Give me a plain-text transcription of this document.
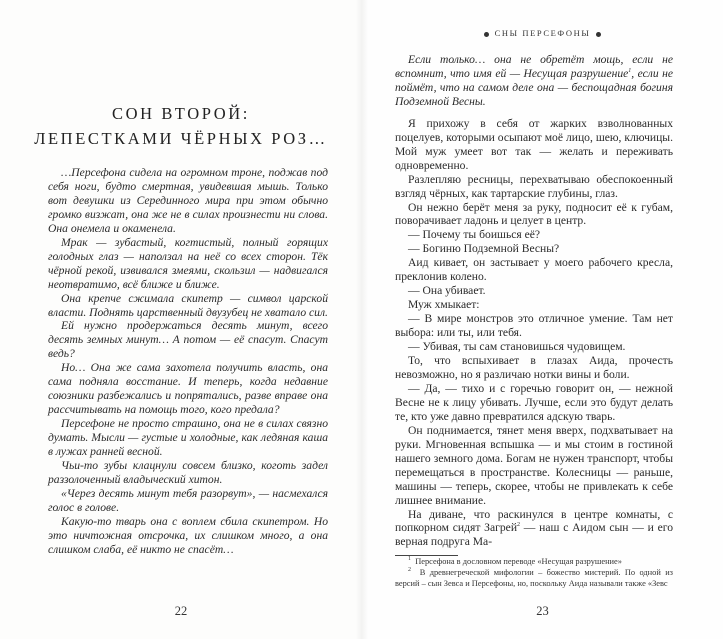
СОН ВТОРОЙ:
ЛЕПЕСТКАМИ ЧЁРНЫХ РОЗ…

…Персефона сидела на огромном троне, поджав под себя ноги, будто смертная, увидевшая мышь. Только вот девушки из Серединного мира при этом обычно громко визжат, она же не в силах произнести ни слова. Она онемела и окаменела.

Мрак — зубастый, когтистый, полный горящих голодных глаз — наползал на неё со всех сторон. Тёк чёрной рекой, извивался змеями, скользил — надвигался неотвратимо, всё ближе и ближе.

Она крепче сжимала скипетр — символ царской власти. Поднять царственный двузубец не хватало сил.

Ей нужно продержаться десять минут, всего десять земных минут… А потом — её спасут. Спасут ведь?

Но… Она же сама захотела получить власть, она сама подняла восстание. И теперь, когда недавние союзники разбежались и попрятались, разве вправе она рассчитывать на помощь того, кого предала?

Персефоне не просто страшно, она не в силах связно думать. Мысли — густые и холодные, как ледяная каша в лужах ранней весной.

Чьи-то зубы клацнули совсем близко, коготь задел раззолоченный владыческий хитон.

«Через десять минут тебя разорвут», — насмехался голос в голове.

Какую-то тварь она с воплем сбила скипетром. Но это ничтожная отсрочка, их слишком много, а она слишком слаба, её никто не спасёт…

22
СНЫ ПЕРСЕФОНЫ

Если только… она не обретёт мощь, если не вспомнит, что имя ей — Несущая разрушение$^1$, если не поймёт, что на самом деле она — беспощадная богиня Подземной Весны.

Я прихожу в себя от жарких взволнованных поцелуев, которыми осыпают моё лицо, шею, ключицы. Мой муж умеет вот так — желать и переживать одновременно.

Разлепляю ресницы, перехватываю обеспокоенный взгляд чёрных, как тартарские глубины, глаз.

Он нежно берёт меня за руку, подносит её к губам, поворачивает ладонь и целует в центр.

— Почему ты боишься её?

— Богиню Подземной Весны?

Аид кивает, он застывает у моего рабочего кресла, преклонив колено.

— Она убивает.

Муж хмыкает:

— В мире монстров это отличное умение. Там нет выбора: или ты, или тебя.

— Убивая, ты сам становишься чудовищем.

То, что вспыхивает в глазах Аида, прочесть невозможно, но я различаю нотки вины и боли.

— Да, — тихо и с горечью говорит он, — нежной Весне не к лицу убивать. Лучше, если это будут делать те, кто уже давно превратился адскую тварь.

Он поднимается, тянет меня вверх, подхватывает на руки. Мгновенная вспышка — и мы стоим в гостиной нашего земного дома. Богам не нужен транспорт, чтобы перемещаться в пространстве. Колесницы — раньше, машины — теперь, скорее, чтобы не привлекать к себе лишнее внимание.

На диване, что раскинулся в центре комнаты, с попкорном сидят Загрей$^2$ — наш с Аидом сын — и его верная подруга Ма-

$^1$ Персефона в дословном переводе «Несущая разрушение»
$^2$ В древнегреческой мифологии – божество мистерий. По одной из версий – сын Зевса и Персефоны, но, поскольку Аида называли также «Зевс
23
